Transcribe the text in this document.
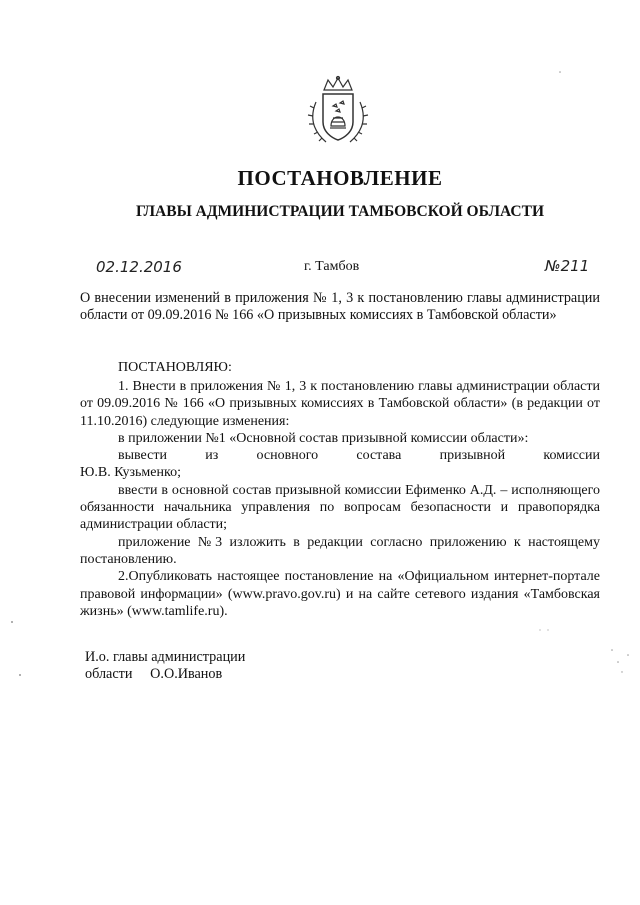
ПОСТАНОВЛЕНИЕ
ГЛАВЫ АДМИНИСТРАЦИИ ТАМБОВСКОЙ ОБЛАСТИ
02.12.2016	г. Тамбов	№211
О внесении изменений в приложения № 1, 3 к постановлению главы администрации области от 09.09.2016 № 166 «О призывных комиссиях в Тамбовской области»
ПОСТАНОВЛЯЮ:

1. Внести в приложения № 1, 3 к постановлению главы администрации области от 09.09.2016 № 166 «О призывных комиссиях в Тамбовской области» (в редакции от 11.10.2016) следующие изменения:

в приложении №1 «Основной состав призывной комиссии области»:

вывести из основного состава призывной комиссии

Ю.В. Кузьменко;

ввести в основной состав призывной комиссии Ефименко А.Д. – исполняющего обязанности начальника управления по вопросам безопасности и правопорядка администрации области;

приложение №3 изложить в редакции согласно приложению к настоящему постановлению.

2.Опубликовать настоящее постановление на «Официальном интернет-портале правовой информации» (www.pravo.gov.ru) и на сайте сетевого издания «Тамбовская жизнь» (www.tamlife.ru).

И.о. главы администрации
области     О.О.Иванов
